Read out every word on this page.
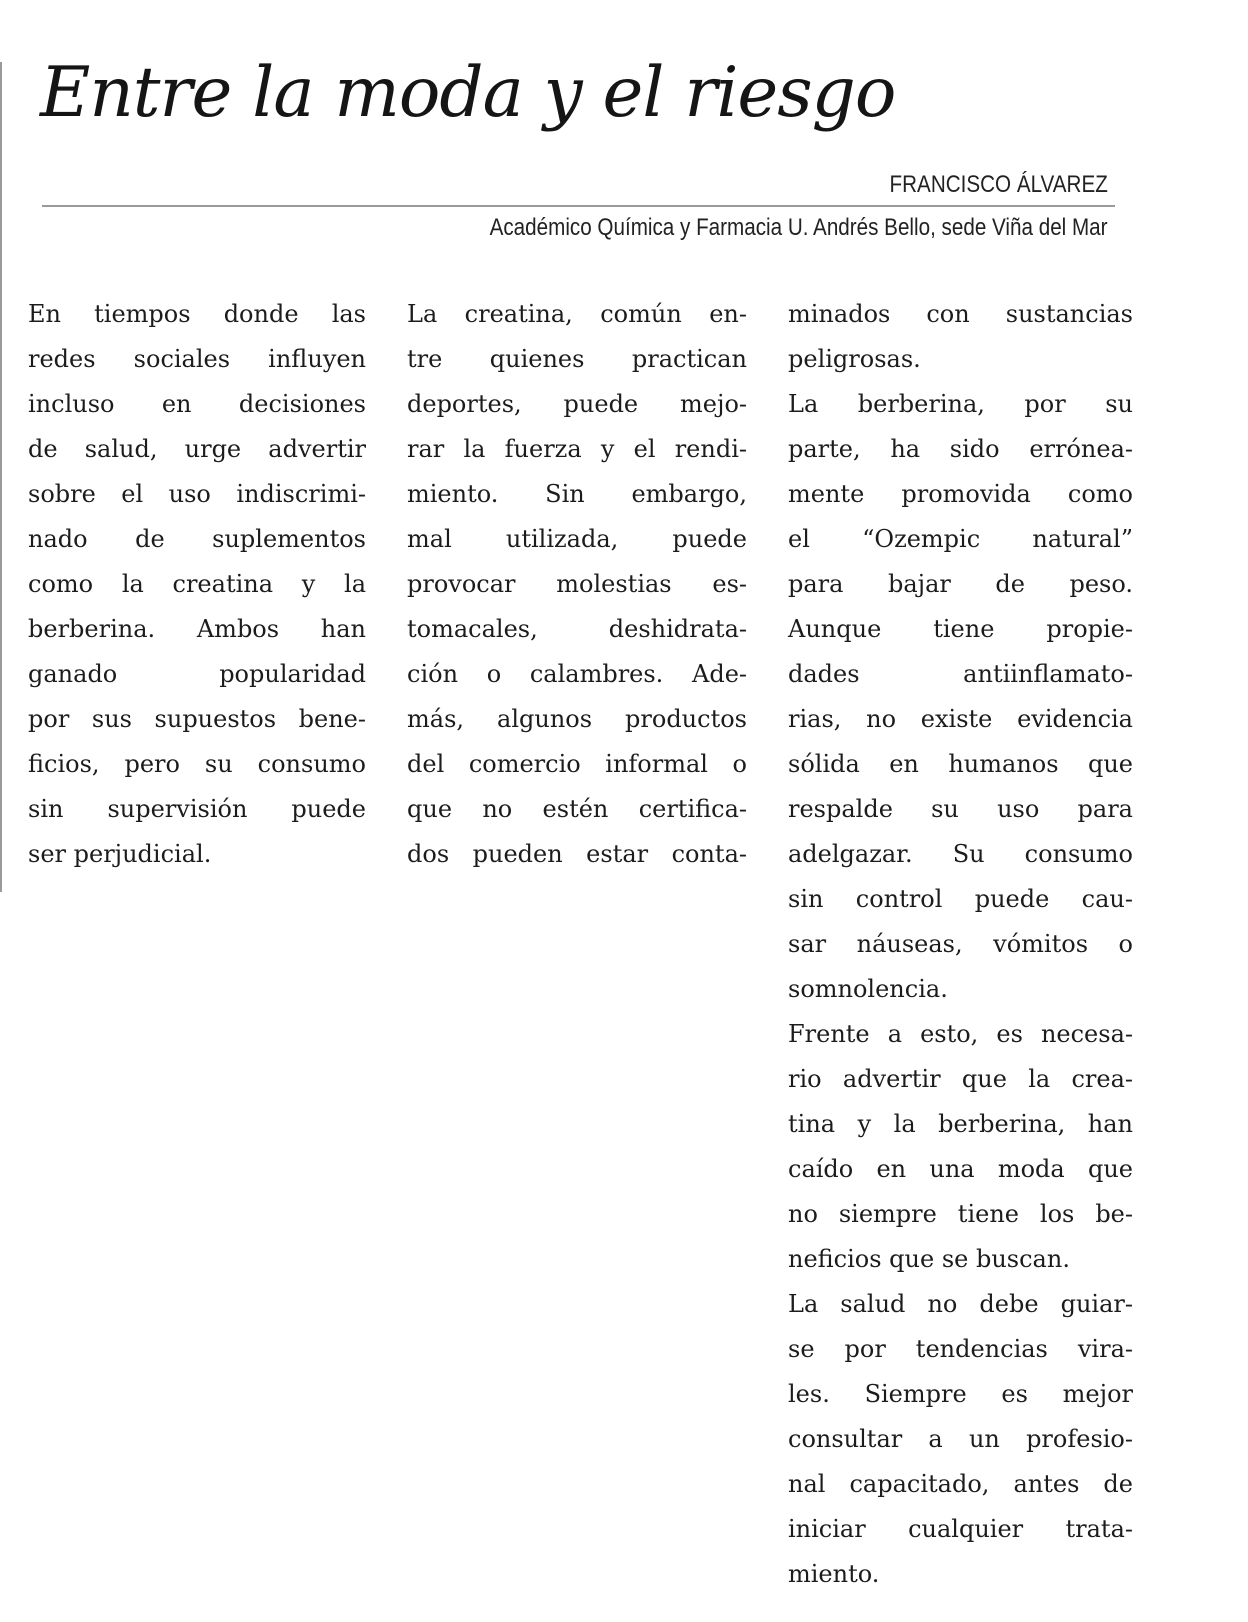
Entre la moda y el riesgo
FRANCISCO ÁLVAREZ
Académico Química y Farmacia U. Andrés Bello, sede Viña del Mar
En tiempos donde las
redes sociales influyen
incluso en decisiones
de salud, urge advertir
sobre el uso indiscrimi-
nado de suplementos
como la creatina y la
berberina. Ambos han
ganado popularidad
por sus supuestos bene-
ficios, pero su consumo
sin supervisión puede
ser perjudicial.
La creatina, común en-
tre quienes practican
deportes, puede mejo-
rar la fuerza y el rendi-
miento. Sin embargo,
mal utilizada, puede
provocar molestias es-
tomacales, deshidrata-
ción o calambres. Ade-
más, algunos productos
del comercio informal o
que no estén certifica-
dos pueden estar conta-
minados con sustancias
peligrosas.
La berberina, por su
parte, ha sido errónea-
mente promovida como
el “Ozempic natural”
para bajar de peso.
Aunque tiene propie-
dades antiinflamato-
rias, no existe evidencia
sólida en humanos que
respalde su uso para
adelgazar. Su consumo
sin control puede cau-
sar náuseas, vómitos o
somnolencia.
Frente a esto, es necesa-
rio advertir que la crea-
tina y la berberina, han
caído en una moda que
no siempre tiene los be-
neficios que se buscan.
La salud no debe guiar-
se por tendencias vira-
les. Siempre es mejor
consultar a un profesio-
nal capacitado, antes de
iniciar cualquier trata-
miento.
